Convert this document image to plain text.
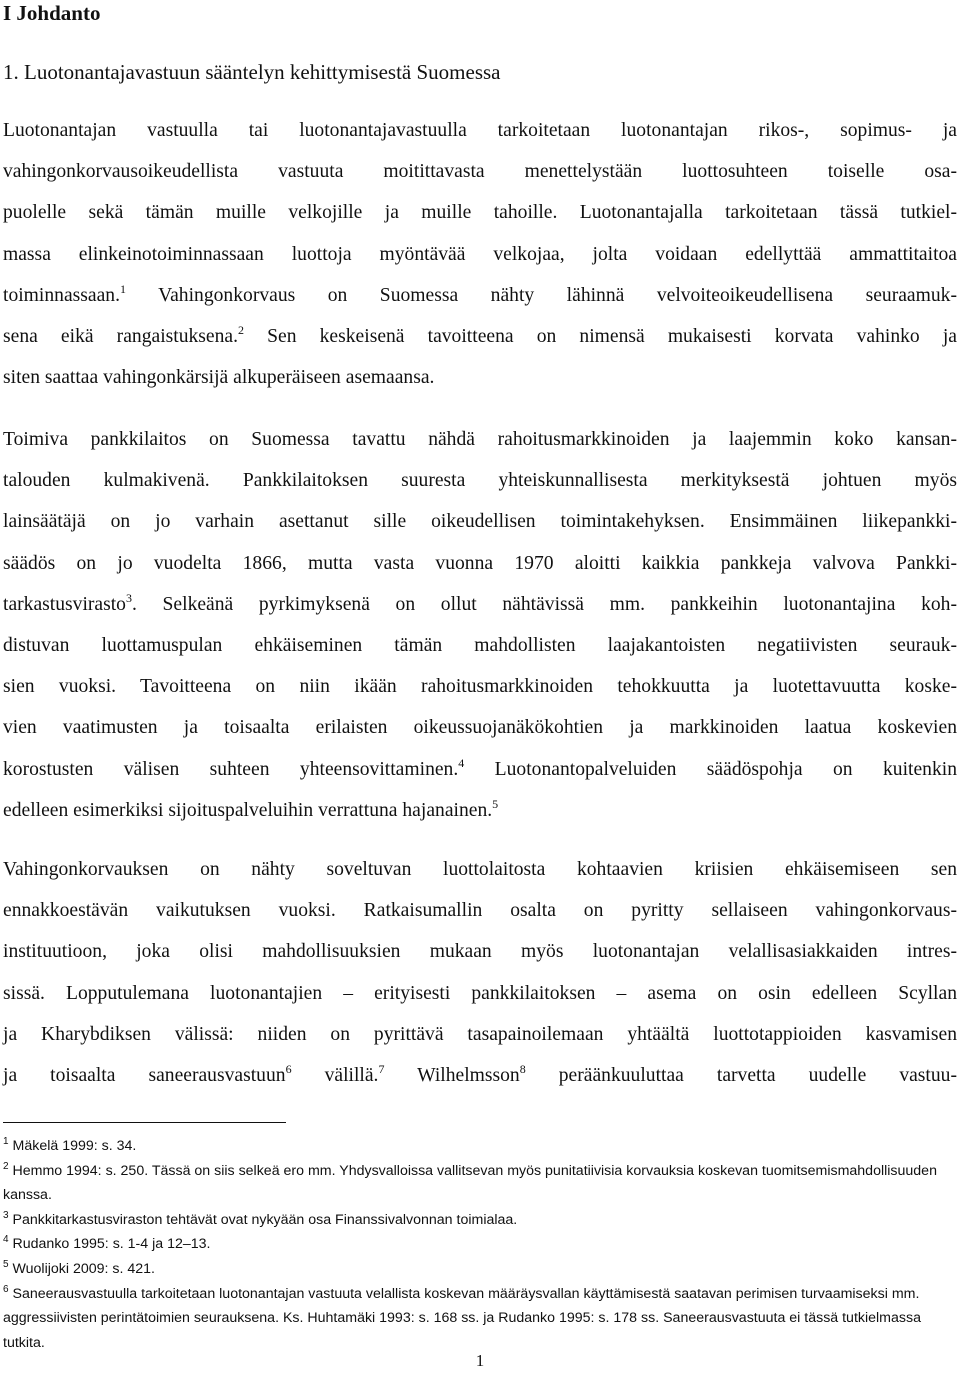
I Johdanto
1. Luotonantajavastuun sääntelyn kehittymisestä Suomessa

Luotonantajan vastuulla tai luotonantajavastuulla tarkoitetaan luotonantajan rikos-, sopimus- ja
vahingonkorvausoikeudellista vastuuta moitittavasta menettelystään luottosuhteen toiselle osa-
puolelle sekä tämän muille velkojille ja muille tahoille. Luotonantajalla tarkoitetaan tässä tutkiel-
massa elinkeinotoiminnassaan luottoja myöntävää velkojaa, jolta voidaan edellyttää ammattitaitoa
toiminnassaan.$^1$ Vahingonkorvaus on Suomessa nähty lähinnä velvoiteoikeudellisena seuraamuk-
sena eikä rangaistuksena.$^2$ Sen keskeisenä tavoitteena on nimensä mukaisesti korvata vahinko ja
siten saattaa vahingonkärsijä alkuperäiseen asemaansa.

Toimiva pankkilaitos on Suomessa tavattu nähdä rahoitusmarkkinoiden ja laajemmin koko kansan-
talouden kulmakivenä. Pankkilaitoksen suuresta yhteiskunnallisesta merkityksestä johtuen myös
lainsäätäjä on jo varhain asettanut sille oikeudellisen toimintakehyksen. Ensimmäinen liikepankki-
säädös on jo vuodelta 1866, mutta vasta vuonna 1970 aloitti kaikkia pankkeja valvova Pankki-
tarkastusvirasto$^3$. Selkeänä pyrkimyksenä on ollut nähtävissä mm. pankkeihin luotonantajina koh-
distuvan luottamuspulan ehkäiseminen tämän mahdollisten laajakantoisten negatiivisten seurauk-
sien vuoksi. Tavoitteena on niin ikään rahoitusmarkkinoiden tehokkuutta ja luotettavuutta koske-
vien vaatimusten ja toisaalta erilaisten oikeussuojanäkökohtien ja markkinoiden laatua koskevien
korostusten välisen suhteen yhteensovittaminen.$^4$ Luotonantopalveluiden säädöspohja on kuitenkin
edelleen esimerkiksi sijoituspalveluihin verrattuna hajanainen.$^5$

Vahingonkorvauksen on nähty soveltuvan luottolaitosta kohtaavien kriisien ehkäisemiseen sen
ennakkoestävän vaikutuksen vuoksi. Ratkaisumallin osalta on pyritty sellaiseen vahingonkorvaus-
instituutioon, joka olisi mahdollisuuksien mukaan myös luotonantajan velallisasiakkaiden intres-
sissä. Lopputulemana luotonantajien – erityisesti pankkilaitoksen – asema on osin edelleen Scyllan
ja Kharybdiksen välissä: niiden on pyrittävä tasapainoilemaan yhtäältä luottotappioiden kasvamisen
ja toisaalta saneerausvastuun$^6$ välillä.$^7$ Wilhelmsson$^8$ peräänkuuluttaa tarvetta uudelle vastuu-

$^1$ Mäkelä 1999: s. 34.
$^2$ Hemmo 1994: s. 250. Tässä on siis selkeä ero mm. Yhdysvalloissa vallitsevan myös punitatiivisia korvauksia koskevan tuomitsemismahdollisuuden kanssa.
$^3$ Pankkitarkastusviraston tehtävät ovat nykyään osa Finanssivalvonnan toimialaa.
$^4$ Rudanko 1995: s. 1-4 ja 12–13.
$^5$ Wuolijoki 2009: s. 421.
$^6$ Saneerausvastuulla tarkoitetaan luotonantajan vastuuta velallista koskevan määräysvallan käyttämisestä saatavan perimisen turvaamiseksi mm. aggressiivisten perintätoimien seurauksena. Ks. Huhtamäki 1993: s. 168 ss. ja Rudanko 1995: s. 178 ss. Saneerausvastuuta ei tässä tutkielmassa tutkita.
1
